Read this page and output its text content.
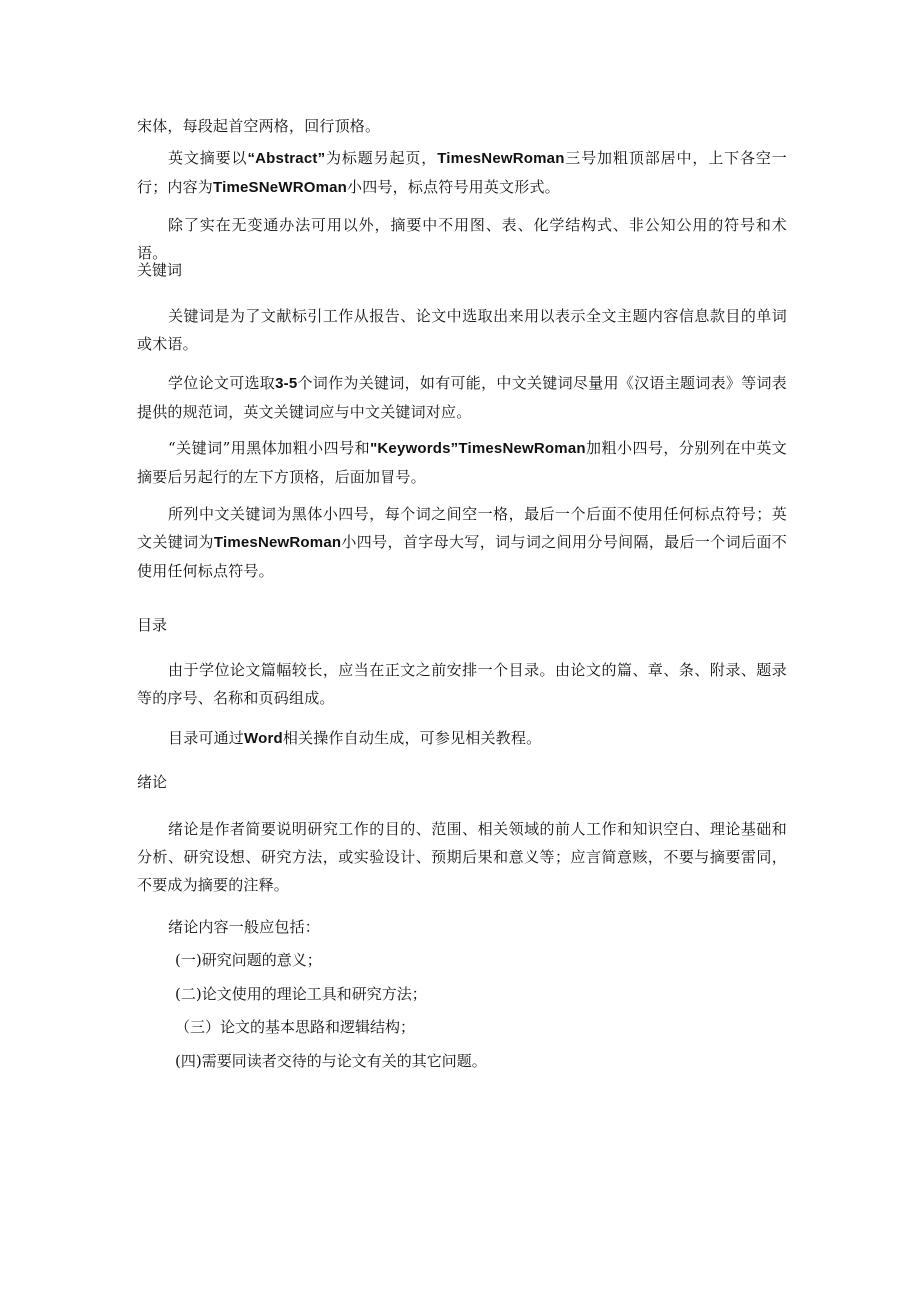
宋体，每段起首空两格，回行顶格。

英文摘要以“Abstract”为标题另起页，TimesNewRoman三号加粗顶部居中，上下各空一行；内容为TimeSNeWROman小四号，标点符号用英文形式。

除了实在无变通办法可用以外，摘要中不用图、表、化学结构式、非公知公用的符号和术语。

关键词

关键词是为了文献标引工作从报告、论文中选取出来用以表示全文主题内容信息款目的单词或术语。

学位论文可选取3-5个词作为关键词，如有可能，中文关键词尽量用《汉语主题词表》等词表提供的规范词，英文关键词应与中文关键词对应。

“关键词”用黑体加粗小四号和"Keywords”TimesNewRoman加粗小四号，分别列在中英文摘要后另起行的左下方顶格，后面加冒号。

所列中文关键词为黑体小四号，每个词之间空一格，最后一个后面不使用任何标点符号；英文关键词为TimesNewRoman小四号，首字母大写，词与词之间用分号间隔，最后一个词后面不使用任何标点符号。

目录

由于学位论文篇幅较长，应当在正文之前安排一个目录。由论文的篇、章、条、附录、题录等的序号、名称和页码组成。

目录可通过Word相关操作自动生成，可参见相关教程。

绪论

绪论是作者简要说明研究工作的目的、范围、相关领域的前人工作和知识空白、理论基础和分析、研究设想、研究方法，或实验设计、预期后果和意义等；应言简意赅，不要与摘要雷同，不要成为摘要的注释。

绪论内容一般应包括：

(一)研究问题的意义；

(二)论文使用的理论工具和研究方法；

（三）论文的基本思路和逻辑结构；

(四)需要同读者交待的与论文有关的其它问题。
